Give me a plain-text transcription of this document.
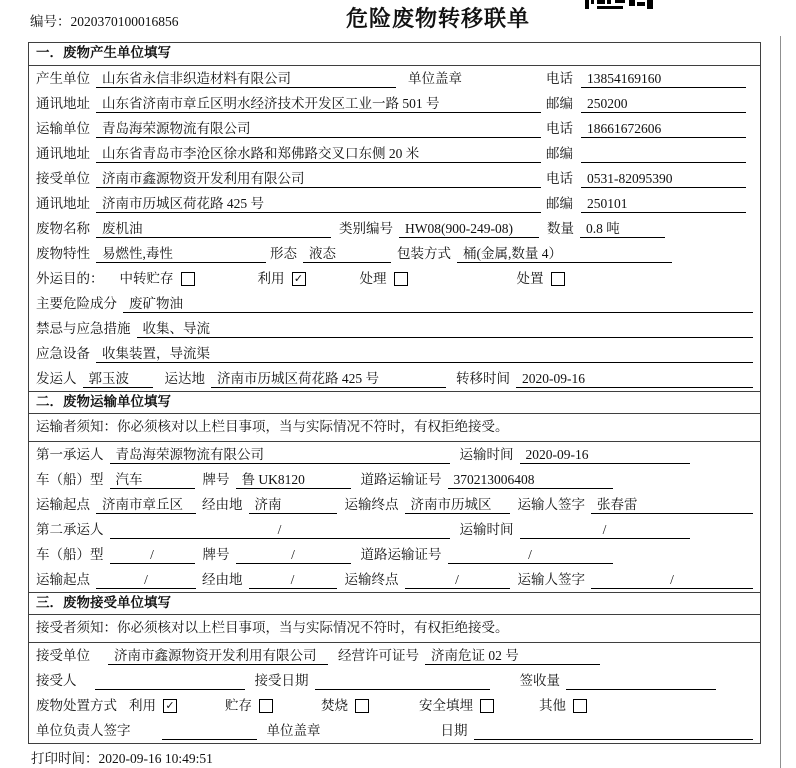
编号：2020370100016856	危险废物转移联单
一．废物产生单位填写
产生单位 山东省永信非织造材料有限公司	单位盖章	电话	13854169160
通讯地址 山东省济南市章丘区明水经济技术开发区工业一路 501 号	邮编	250200
运输单位 青岛海荣源物流有限公司	电话	18661672606
通讯地址 山东省青岛市李沧区徐水路和郑佛路交叉口东侧 20 米	邮编
接受单位 济南市鑫源物资开发利用有限公司	电话	0531-82095390
通讯地址 济南市历城区荷花路 425 号	邮编	250101
废物名称 废机油	类别编号 HW08(900-249-08)	数量 0.8 吨
废物特性 易燃性,毒性	形态 液态	包装方式 桶(金属,数量 4）
外运目的： 中转贮存	利用 ✓	处理	处置
主要危险成分 废矿物油
禁忌与应急措施 收集、导流
应急设备 收集装置，导流渠
发运人 郭玉波	运达地 济南市历城区荷花路 425 号	转移时间 2020-09-16
二．废物运输单位填写
运输者须知：你必须核对以上栏目事项，当与实际情况不符时，有权拒绝接受。
第一承运人 青岛海荣源物流有限公司	运输时间 2020-09-16
车（船）型 汽车	牌号 鲁 UK8120	道路运输证号 370213006408
运输起点 济南市章丘区	经由地 济南	运输终点 济南市历城区	运输人签字 张春雷
第二承运人	/	运输时间	/
车（船）型	/	牌号	/	道路运输证号	/
运输起点	/	经由地	/	运输终点	/	运输人签字	/
三．废物接受单位填写
接受者须知：你必须核对以上栏目事项，当与实际情况不符时，有权拒绝接受。
接受单位	济南市鑫源物资开发利用有限公司	经营许可证号 济南危证 02 号
接受人	接受日期	签收量
废物处置方式 利用 ✓	贮存	焚烧	安全填埋	其他
单位负责人签字	单位盖章	日期
打印时间：2020-09-16 10:49:51
